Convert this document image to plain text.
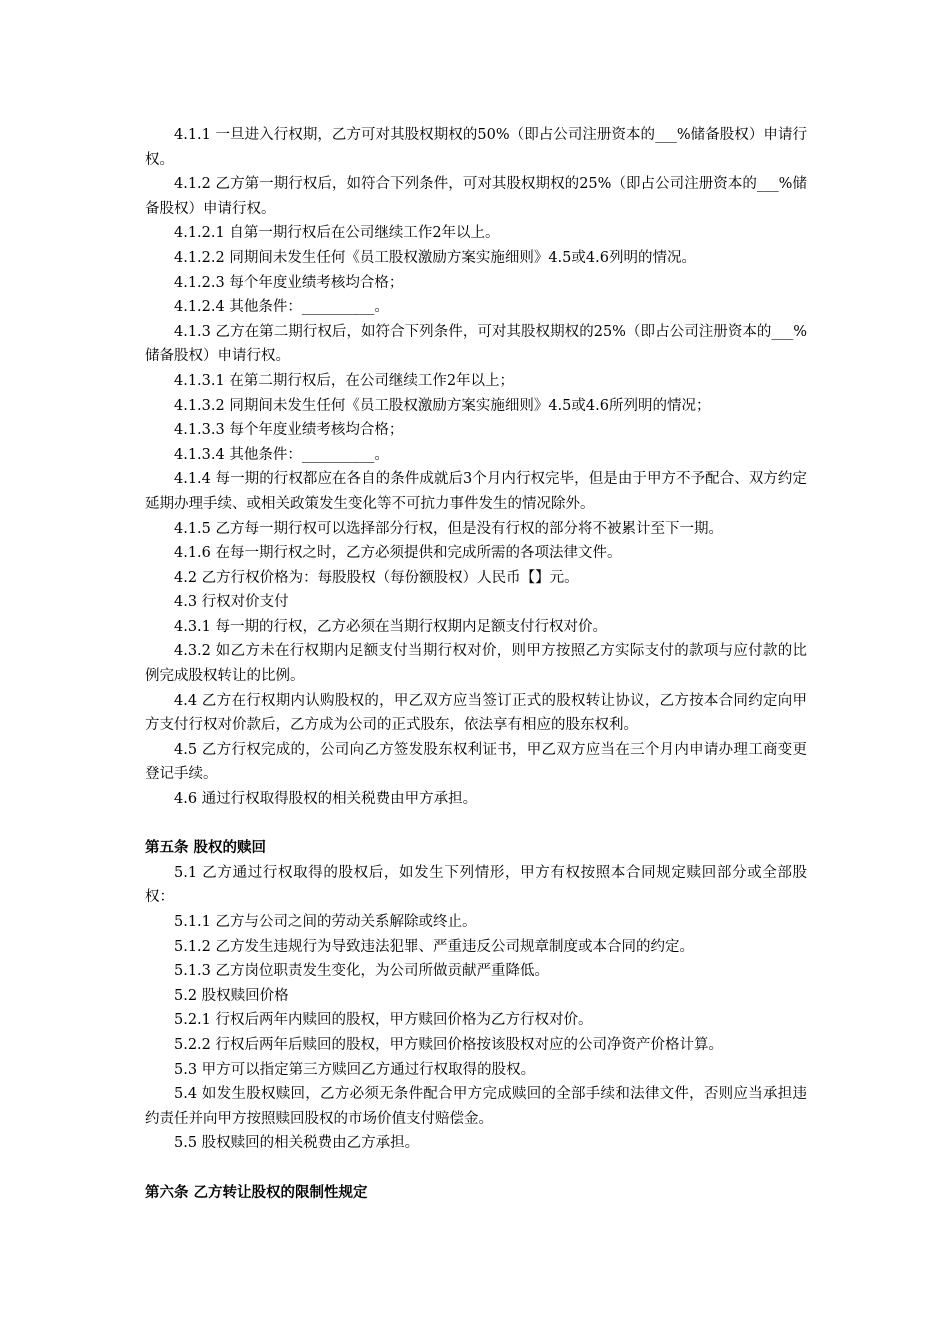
4.1.1 一旦进入行权期，乙方可对其股权期权的50%（即占公司注册资本的___%储备股权）申请行权。

4.1.2 乙方第一期行权后，如符合下列条件，可对其股权期权的25%（即占公司注册资本的___%储备股权）申请行权。

4.1.2.1 自第一期行权后在公司继续工作2年以上。

4.1.2.2 同期间未发生任何《员工股权激励方案实施细则》4.5或4.6列明的情况。

4.1.2.3 每个年度业绩考核均合格；

4.1.2.4 其他条件：__________。

4.1.3 乙方在第二期行权后，如符合下列条件，可对其股权期权的25%（即占公司注册资本的___%储备股权）申请行权。

4.1.3.1 在第二期行权后，在公司继续工作2年以上；

4.1.3.2 同期间未发生任何《员工股权激励方案实施细则》4.5或4.6所列明的情况；

4.1.3.3 每个年度业绩考核均合格；

4.1.3.4 其他条件：__________。

4.1.4 每一期的行权都应在各自的条件成就后3个月内行权完毕，但是由于甲方不予配合、双方约定延期办理手续、或相关政策发生变化等不可抗力事件发生的情况除外。

4.1.5 乙方每一期行权可以选择部分行权，但是没有行权的部分将不被累计至下一期。

4.1.6 在每一期行权之时，乙方必须提供和完成所需的各项法律文件。

4.2 乙方行权价格为：每股股权（每份额股权）人民币【】元。

4.3 行权对价支付

4.3.1 每一期的行权，乙方必须在当期行权期内足额支付行权对价。

4.3.2 如乙方未在行权期内足额支付当期行权对价，则甲方按照乙方实际支付的款项与应付款的比例完成股权转让的比例。

4.4 乙方在行权期内认购股权的，甲乙双方应当签订正式的股权转让协议，乙方按本合同约定向甲方支付行权对价款后，乙方成为公司的正式股东，依法享有相应的股东权利。

4.5 乙方行权完成的，公司向乙方签发股东权利证书，甲乙双方应当在三个月内申请办理工商变更登记手续。

4.6 通过行权取得股权的相关税费由甲方承担。

第五条 股权的赎回

5.1 乙方通过行权取得的股权后，如发生下列情形，甲方有权按照本合同规定赎回部分或全部股权：

5.1.1 乙方与公司之间的劳动关系解除或终止。

5.1.2 乙方发生违规行为导致违法犯罪、严重违反公司规章制度或本合同的约定。

5.1.3 乙方岗位职责发生变化，为公司所做贡献严重降低。

5.2 股权赎回价格

5.2.1 行权后两年内赎回的股权，甲方赎回价格为乙方行权对价。

5.2.2 行权后两年后赎回的股权，甲方赎回价格按该股权对应的公司净资产价格计算。

5.3 甲方可以指定第三方赎回乙方通过行权取得的股权。

5.4 如发生股权赎回，乙方必须无条件配合甲方完成赎回的全部手续和法律文件，否则应当承担违约责任并向甲方按照赎回股权的市场价值支付赔偿金。

5.5 股权赎回的相关税费由乙方承担。

第六条 乙方转让股权的限制性规定
